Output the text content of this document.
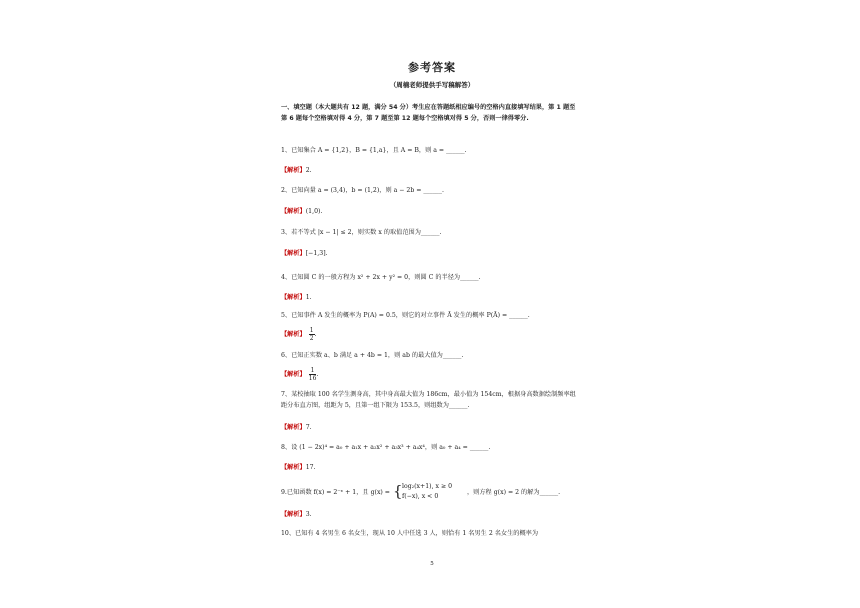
参考答案
（周楠老师提供手写稿解答）
一、填空题（本大题共有 12 题，满分 54 分）考生应在答题纸相应编号的空格内直接填写结果，第 1 题至第 6 题每个空格填对得 4 分，第 7 题至第 12 题每个空格填对得 5 分，否则一律得零分.
1、已知集合 A = {1,2}，B = {1,a}，且 A = B，则 a = ______.
【解析】2.
2、已知向量 a = (3,4)，b = (1,2)，则 a − 2b = ______.
【解析】(1,0).
3、若不等式 |x − 1| ≤ 2，则实数 x 的取值范围为______.
【解析】[−1,3].
4、已知圆 C 的一般方程为 x² + 2x + y² = 0，则圆 C 的半径为______.
【解析】1.
5、已知事件 A 发生的概率为 P(A) = 0.5，则它的对立事件 Ā 发生的概率 P(Ā) = ______.
【解析】 $\frac{1}{2}$ .
6、已知正实数 a、b 满足 a + 4b = 1，则 ab 的最大值为______.
【解析】 $\frac{1}{16}$ .
7、某校抽取 100 名学生测身高，其中身高最大值为 186cm，最小值为 154cm，根据身高数据绘制频率组距分布直方图，组距为 5，且第一组下限为 153.5，则组数为______.
【解析】7.
8、设 (1 − 2x)⁴ = a₀ + a₁x + a₂x² + a₃x³ + a₄x⁴，则 a₀ + a₄ = ______.
【解析】17.
9.已知函数 f(x) = 2⁻ˣ + 1，且 g(x) = { log₂(x+1), x ≥ 0
f(−x), x < 0
，则方程 g(x) = 2 的解为______.
【解析】3.
10、已知有 4 名男生 6 名女生，现从 10 人中任选 3 人，则恰有 1 名男生 2 名女生的概率为
5
